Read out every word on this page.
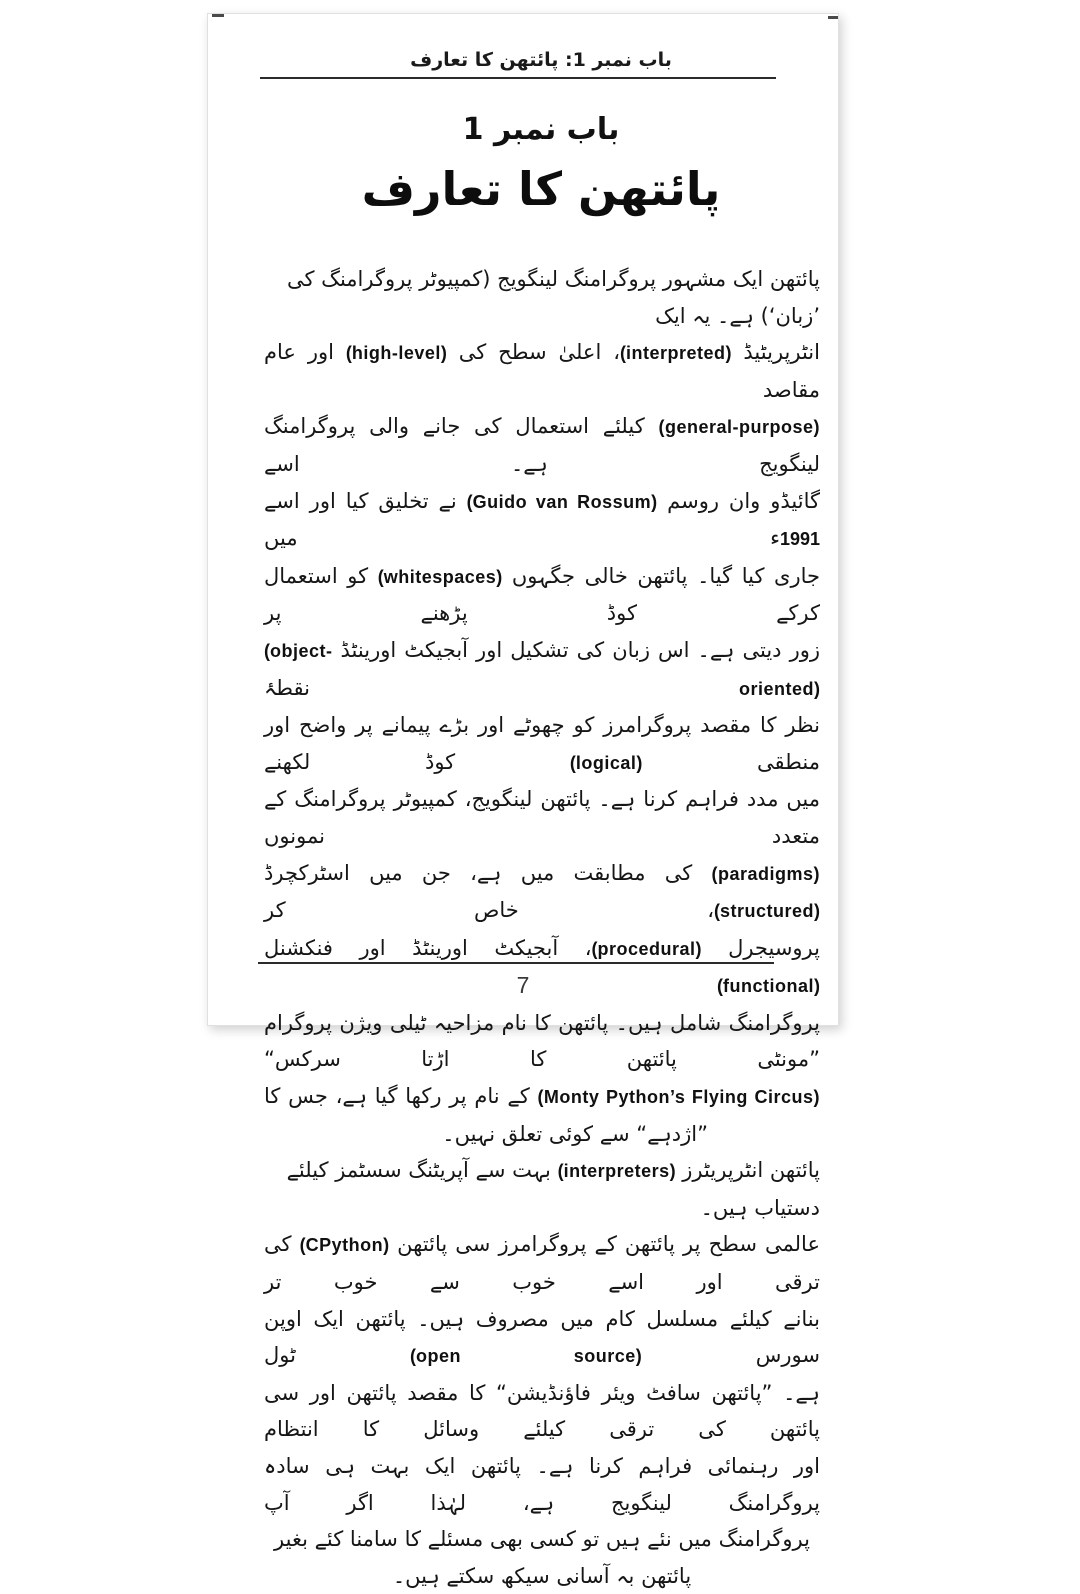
باب نمبر 1: پائتھن کا تعارف
باب نمبر 1
پائتھن کا تعارف
پائتھن ایک مشہور پروگرامنگ لینگویج (کمپیوٹر پروگرامنگ کی ’زبان‘) ہے۔ یہ ایک
انٹرپریٹیڈ (interpreted)، اعلیٰ سطح کی (high-level) اور عام مقاصد
(general-purpose) کیلئے استعمال کی جانے والی پروگرامنگ لینگویج ہے۔ اسے
گائیڈو وان روسم (Guido van Rossum) نے تخلیق کیا اور اسے 1991ء میں
جاری کیا گیا۔ پائتھن خالی جگہوں (whitespaces) کو استعمال کرکے کوڈ پڑھنے پر
زور دیتی ہے۔ اس زبان کی تشکیل اور آبجیکٹ اورینٹڈ (object-oriented) نقطۂ
نظر کا مقصد پروگرامرز کو چھوٹے اور بڑے پیمانے پر واضح اور منطقی (logical) کوڈ لکھنے
میں مدد فراہم کرنا ہے۔ پائتھن لینگویج، کمپیوٹر پروگرامنگ کے متعدد نمونوں
(paradigms) کی مطابقت میں ہے، جن میں اسٹرکچرڈ (structured)، خاص کر
پروسیجرل (procedural)، آبجیکٹ اورینٹڈ اور فنکشنل (functional)
پروگرامنگ شامل ہیں۔ پائتھن کا نام مزاحیہ ٹیلی ویژن پروگرام ”مونٹی پائتھن کا اڑتا سرکس“
(Monty Python’s Flying Circus) کے نام پر رکھا گیا ہے، جس کا
”اژدہے“ سے کوئی تعلق نہیں۔
پائتھن انٹرپریٹرز (interpreters) بہت سے آپریٹنگ سسٹمز کیلئے دستیاب ہیں۔
عالمی سطح پر پائتھن کے پروگرامرز سی پائتھن (CPython) کی ترقی اور اسے خوب سے خوب تر
بنانے کیلئے مسلسل کام میں مصروف ہیں۔ پائتھن ایک اوپن سورس (open source) ٹول
ہے۔ ”پائتھن سافٹ ویئر فاؤنڈیشن“ کا مقصد پائتھن اور سی پائتھن کی ترقی کیلئے وسائل کا انتظام
اور رہنمائی فراہم کرنا ہے۔ پائتھن ایک بہت ہی سادہ پروگرامنگ لینگویج ہے، لہٰذا اگر آپ
پروگرامنگ میں نئے ہیں تو کسی بھی مسئلے کا سامنا کئے بغیر پائتھن بہ آسانی سیکھ سکتے ہیں۔
7
